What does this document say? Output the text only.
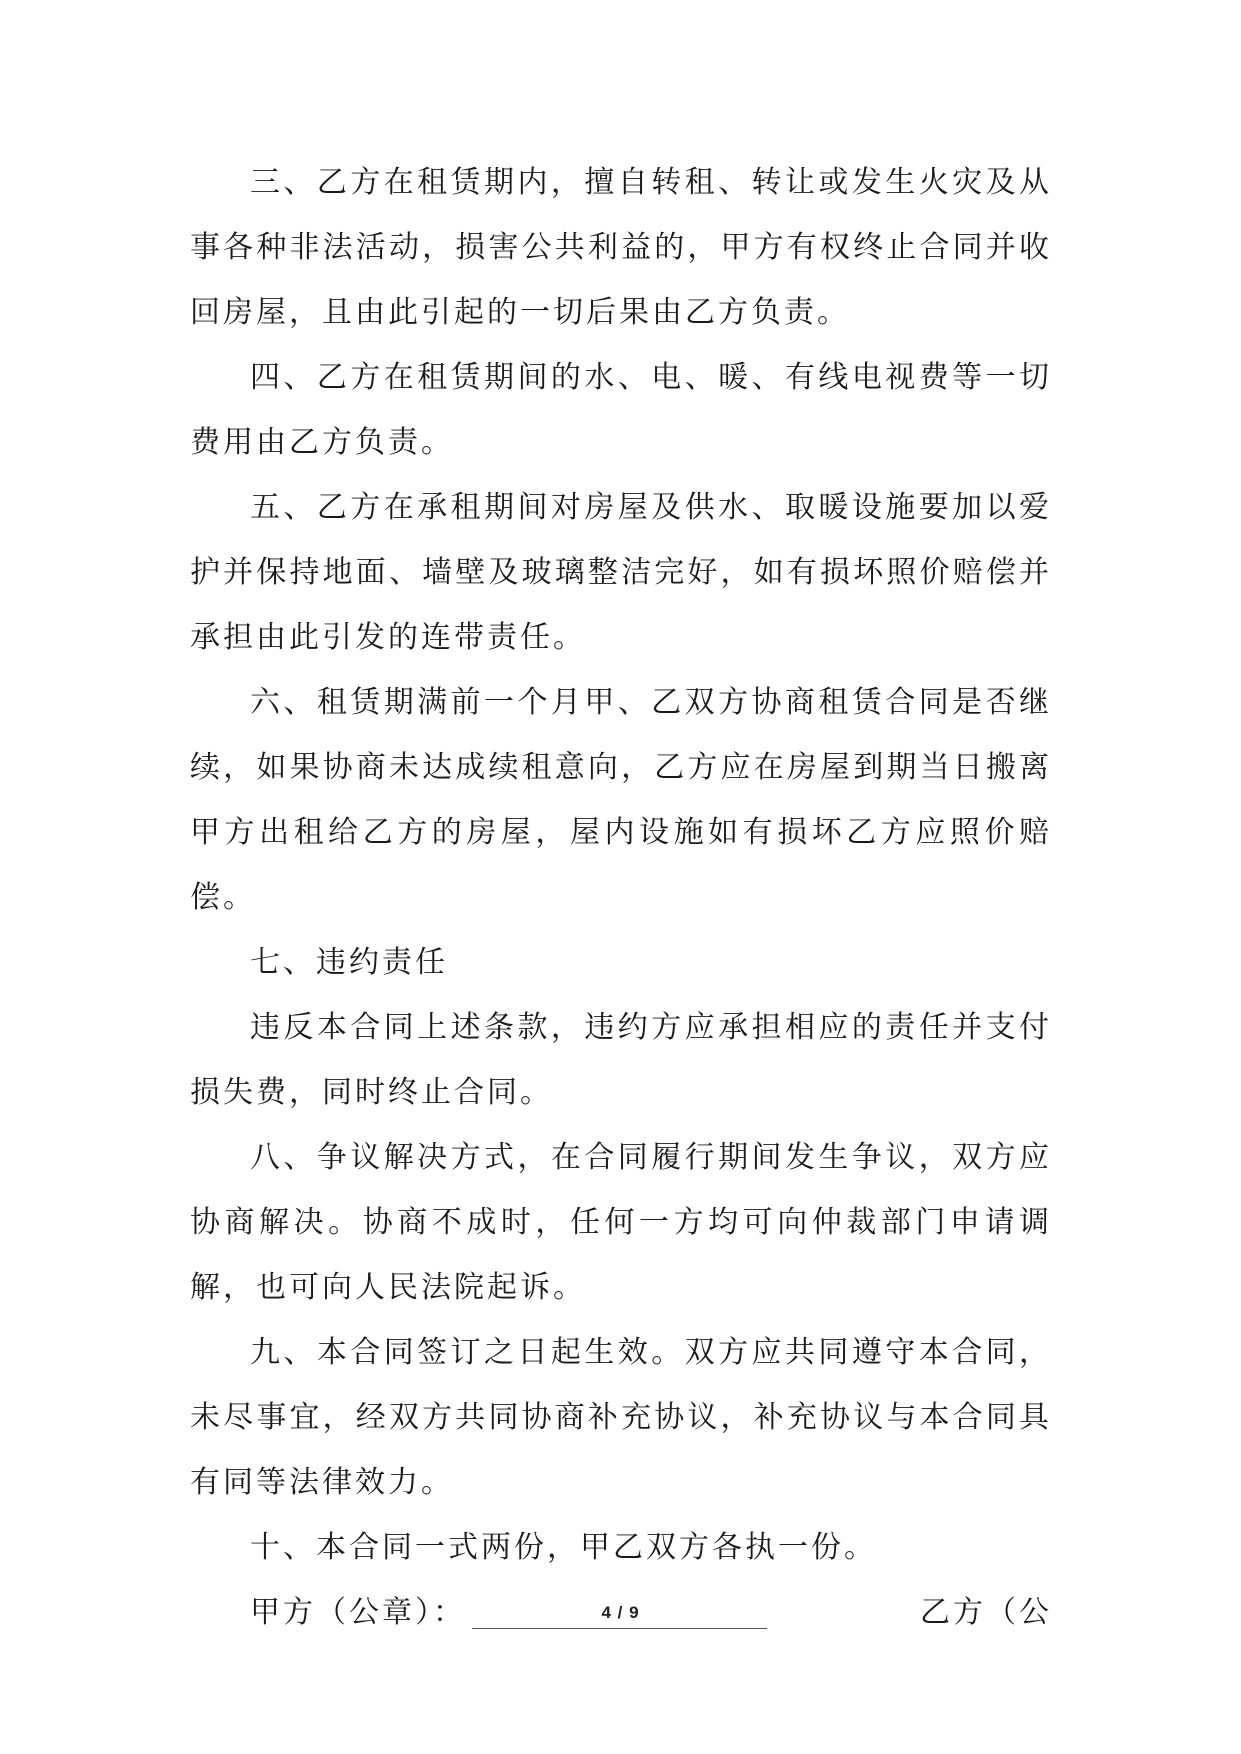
三、乙方在租赁期内，擅自转租、转让或发生火灾及从事各种非法活动，损害公共利益的，甲方有权终止合同并收回房屋，且由此引起的一切后果由乙方负责。

四、乙方在租赁期间的水、电、暖、有线电视费等一切费用由乙方负责。

五、乙方在承租期间对房屋及供水、取暖设施要加以爱护并保持地面、墙壁及玻璃整洁完好，如有损坏照价赔偿并承担由此引发的连带责任。

六、租赁期满前一个月甲、乙双方协商租赁合同是否继续，如果协商未达成续租意向，乙方应在房屋到期当日搬离甲方出租给乙方的房屋，屋内设施如有损坏乙方应照价赔偿。

七、违约责任

违反本合同上述条款，违约方应承担相应的责任并支付损失费，同时终止合同。

八、争议解决方式，在合同履行期间发生争议，双方应协商解决。协商不成时，任何一方均可向仲裁部门申请调解，也可向人民法院起诉。

九、本合同签订之日起生效。双方应共同遵守本合同，未尽事宜，经双方共同协商补充协议，补充协议与本合同具有同等法律效力。

十、本合同一式两份，甲乙双方各执一份。

甲方（公章）：	乙方（公
4 / 9
